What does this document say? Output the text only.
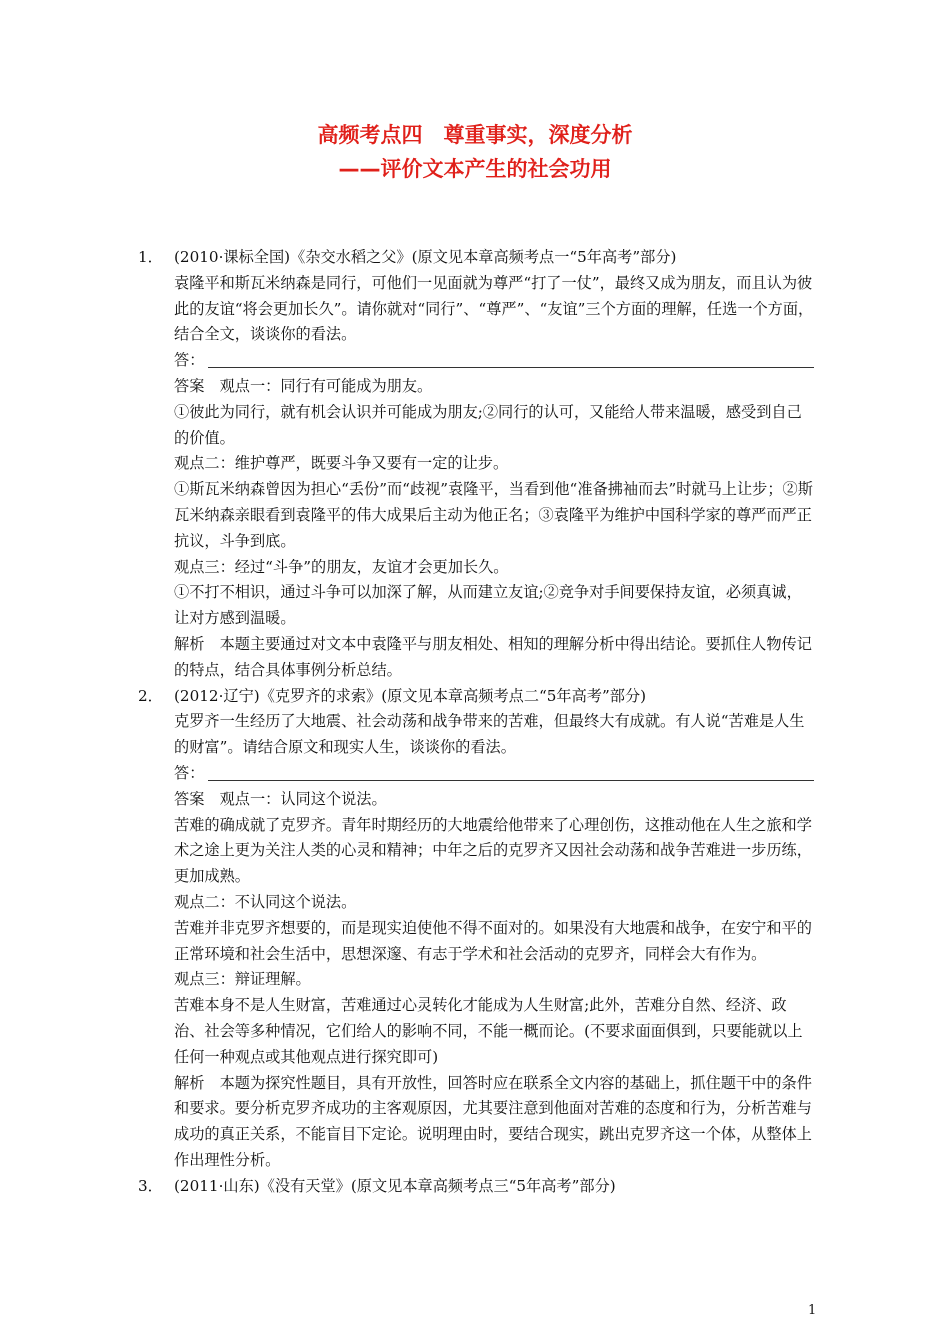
高频考点四　尊重事实，深度分析
——评价文本产生的社会功用
1． (2010·课标全国)《杂交水稻之父》(原文见本章高频考点一“5年高考”部分)

袁隆平和斯瓦米纳森是同行，可他们一见面就为尊严“打了一仗”，最终又成为朋友，而且认为彼此的友谊“将会更加长久”。请你就对“同行”、“尊严”、“友谊”三个方面的理解，任选一个方面，结合全文，谈谈你的看法。

答：

答案　观点一：同行有可能成为朋友。

①彼此为同行，就有机会认识并可能成为朋友;②同行的认可，又能给人带来温暖，感受到自己的价值。

观点二：维护尊严，既要斗争又要有一定的让步。

①斯瓦米纳森曾因为担心“丢份”而“歧视”袁隆平，当看到他“准备拂袖而去”时就马上让步；②斯瓦米纳森亲眼看到袁隆平的伟大成果后主动为他正名；③袁隆平为维护中国科学家的尊严而严正抗议，斗争到底。

观点三：经过“斗争”的朋友，友谊才会更加长久。

①不打不相识，通过斗争可以加深了解，从而建立友谊;②竞争对手间要保持友谊，必须真诚，让对方感到温暖。

解析　本题主要通过对文本中袁隆平与朋友相处、相知的理解分析中得出结论。要抓住人物传记的特点，结合具体事例分析总结。

2． (2012·辽宁)《克罗齐的求索》(原文见本章高频考点二“5年高考”部分)

克罗齐一生经历了大地震、社会动荡和战争带来的苦难，但最终大有成就。有人说“苦难是人生的财富”。请结合原文和现实人生，谈谈你的看法。

答：

答案　观点一：认同这个说法。

苦难的确成就了克罗齐。青年时期经历的大地震给他带来了心理创伤，这推动他在人生之旅和学术之途上更为关注人类的心灵和精神；中年之后的克罗齐又因社会动荡和战争苦难进一步历练，更加成熟。

观点二：不认同这个说法。

苦难并非克罗齐想要的，而是现实迫使他不得不面对的。如果没有大地震和战争，在安宁和平的正常环境和社会生活中，思想深邃、有志于学术和社会活动的克罗齐，同样会大有作为。

观点三：辩证理解。

苦难本身不是人生财富，苦难通过心灵转化才能成为人生财富;此外，苦难分自然、经济、政治、社会等多种情况，它们给人的影响不同，不能一概而论。(不要求面面俱到，只要能就以上任何一种观点或其他观点进行探究即可)

解析　本题为探究性题目，具有开放性，回答时应在联系全文内容的基础上，抓住题干中的条件和要求。要分析克罗齐成功的主客观原因，尤其要注意到他面对苦难的态度和行为，分析苦难与成功的真正关系，不能盲目下定论。说明理由时，要结合现实，跳出克罗齐这一个体，从整体上作出理性分析。

3． (2011·山东)《没有天堂》(原文见本章高频考点三“5年高考”部分)

1
